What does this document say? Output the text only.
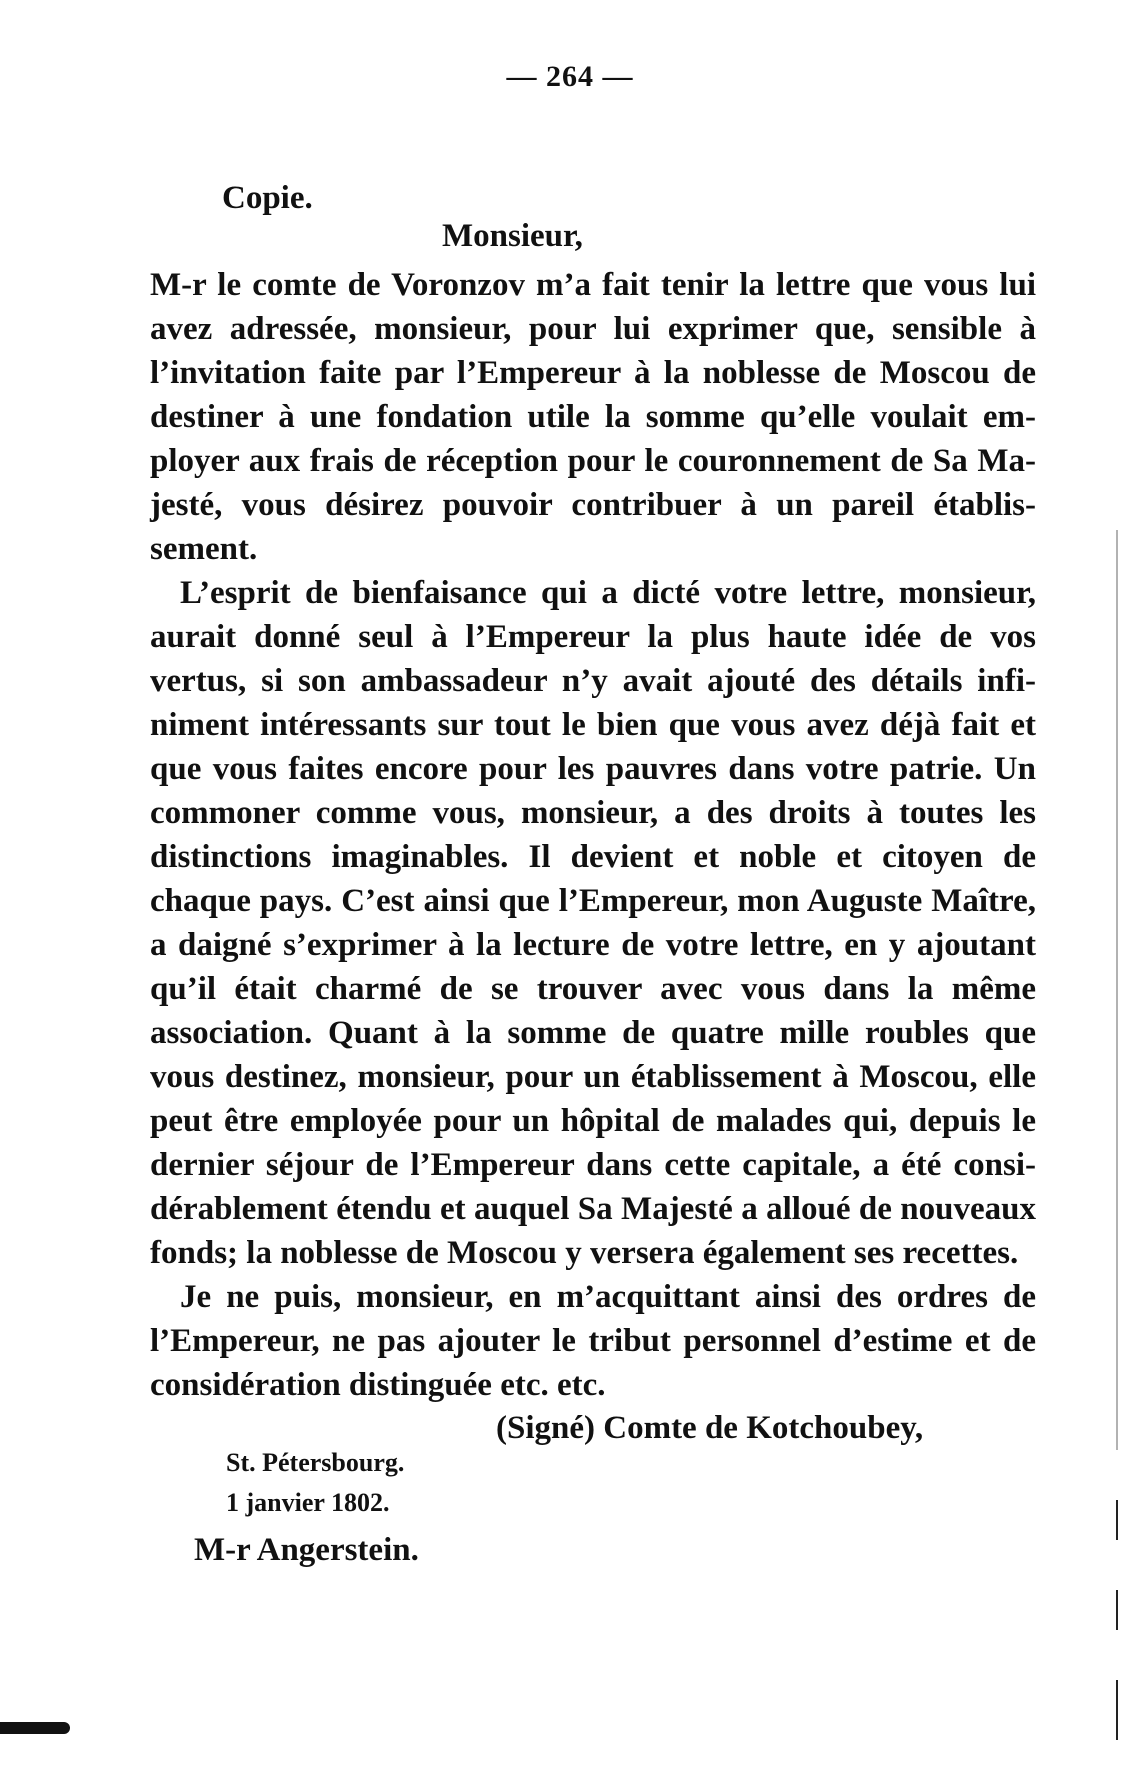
— 264 —
Copie.
Monsieur,

M-r le comte de Voronzov m’a fait tenir la lettre que vous lui avez adressée, monsieur, pour lui exprimer que, sensible à l’invitation faite par l’Empereur à la noblesse de Moscou de destiner à une fondation utile la somme qu’elle voulait employer aux frais de réception pour le couronnement de Sa Majesté, vous désirez pouvoir contribuer à un pareil établissement.

L’esprit de bienfaisance qui a dicté votre lettre, monsieur, aurait donné seul à l’Empereur la plus haute idée de vos vertus, si son ambassadeur n’y avait ajouté des détails infiniment intéressants sur tout le bien que vous avez déjà fait et que vous faites encore pour les pauvres dans votre patrie. Un commoner comme vous, monsieur, a des droits à toutes les distinctions imaginables. Il devient et noble et citoyen de chaque pays. C’est ainsi que l’Empereur, mon Auguste Maître, a daigné s’exprimer à la lecture de votre lettre, en y ajoutant qu’il était charmé de se trouver avec vous dans la même association. Quant à la somme de quatre mille roubles que vous destinez, monsieur, pour un établissement à Moscou, elle peut être employée pour un hôpital de malades qui, depuis le dernier séjour de l’Empereur dans cette capitale, a été considérablement étendu et auquel Sa Majesté a alloué de nouveaux fonds; la noblesse de Moscou y versera également ses recettes.

Je ne puis, monsieur, en m’acquittant ainsi des ordres de l’Empereur, ne pas ajouter le tribut personnel d’estime et de considération distinguée etc. etc.

(Signé) Comte de Kotchoubey,
St. Pétersbourg.
1 janvier 1802.
M-r Angerstein.
